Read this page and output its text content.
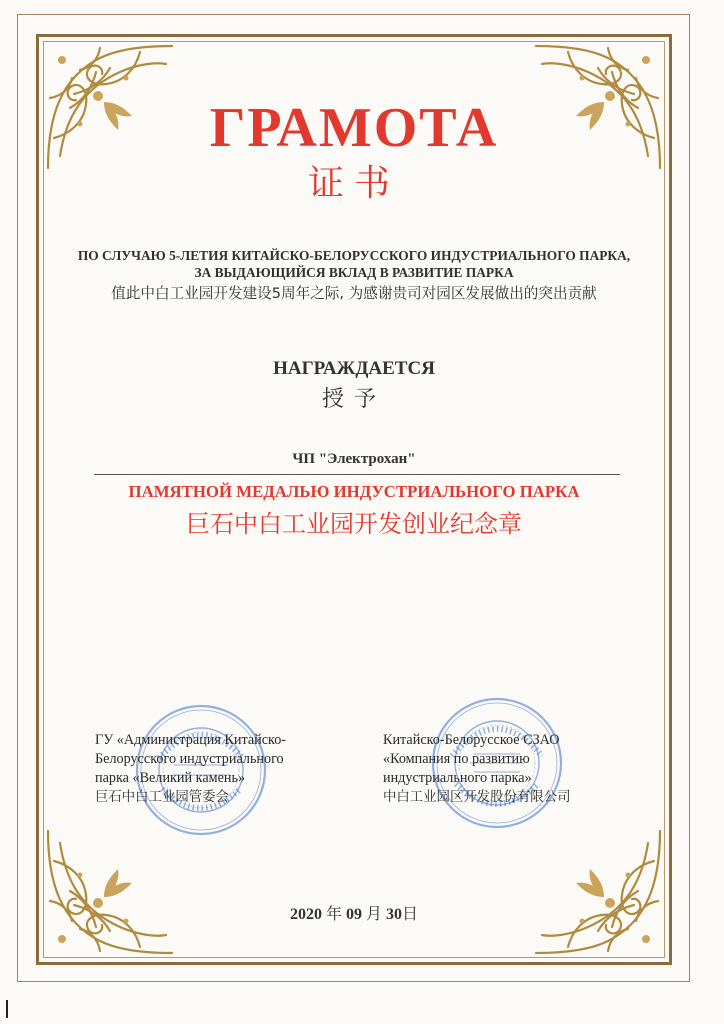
ГРАМОТА
证书
ПО СЛУЧАЮ 5-ЛЕТИЯ КИТАЙСКО-БЕЛОРУССКОГО ИНДУСТРИАЛЬНОГО ПАРКА,
ЗА ВЫДАЮЩИЙСЯ ВКЛАД В РАЗВИТИЕ ПАРКА
值此中白工业园开发建设5周年之际, 为感谢贵司对园区发展做出的突出贡献
НАГРАЖДАЕТСЯ
授予
ЧП "Электрохан"
ПАМЯТНОЙ МЕДАЛЬЮ ИНДУСТРИАЛЬНОГО ПАРКА
巨石中白工业园开发创业纪念章
ГУ «Администрация Китайско-
Белорусского индустриального
парка «Великий камень»
巨石中白工业园管委会
Китайско-Белорусское СЗАО
«Компания по развитию
индустриального парка»
中白工业园区开发股份有限公司
2020 年 09 月 30日
